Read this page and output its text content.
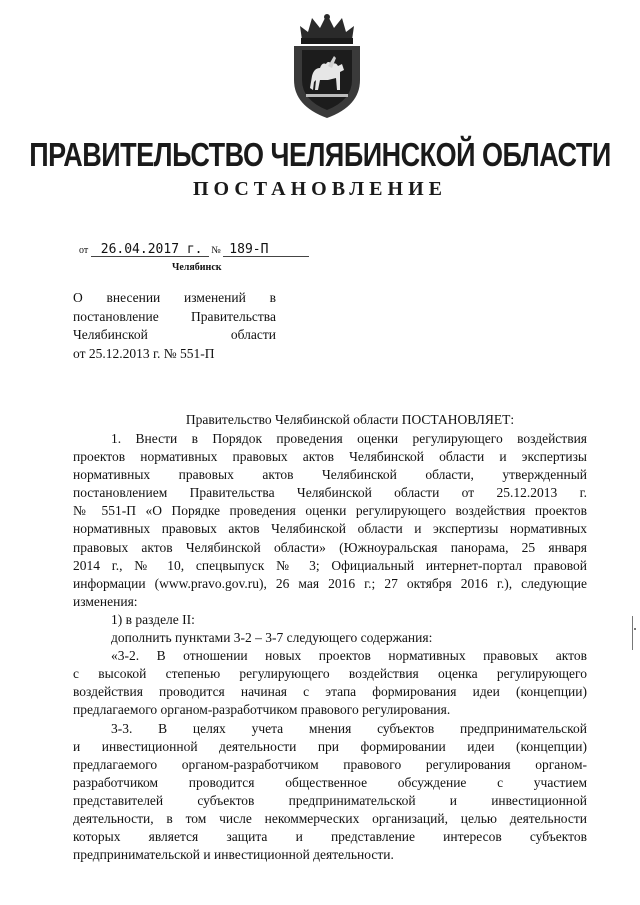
ПРАВИТЕЛЬСТВО ЧЕЛЯБИНСКОЙ ОБЛАСТИ
ПОСТАНОВЛЕНИЕ
от 26.04.2017 г. № 189-П
Челябинск
О внесении изменений в
постановление Правительства
Челябинской области
от 25.12.2013 г. № 551-П
Правительство Челябинской области ПОСТАНОВЛЯЕТ:
1. Внести в Порядок проведения оценки регулирующего воздействия
проектов нормативных правовых актов Челябинской области и экспертизы
нормативных правовых актов Челябинской области, утвержденный
постановлением Правительства Челябинской области от 25.12.2013 г.
№ 551-П «О Порядке проведения оценки регулирующего воздействия проектов
нормативных правовых актов Челябинской области и экспертизы нормативных
правовых актов Челябинской области» (Южноуральская панорама, 25 января
2014 г., № 10, спецвыпуск № 3; Официальный интернет-портал правовой
информации (www.pravo.gov.ru), 26 мая 2016 г.; 27 октября 2016 г.), следующие
изменения:
1) в разделе II:
дополнить пунктами 3-2 – 3-7 следующего содержания:
«3-2. В отношении новых проектов нормативных правовых актов
с высокой степенью регулирующего воздействия оценка регулирующего
воздействия проводится начиная с этапа формирования идеи (концепции)
предлагаемого органом-разработчиком правового регулирования.
3-3. В целях учета мнения субъектов предпринимательской
и инвестиционной деятельности при формировании идеи (концепции)
предлагаемого органом-разработчиком правового регулирования органом-
разработчиком проводится общественное обсуждение с участием
представителей субъектов предпринимательской и инвестиционной
деятельности, в том числе некоммерческих организаций, целью деятельности
которых является защита и представление интересов субъектов
предпринимательской и инвестиционной деятельности.
